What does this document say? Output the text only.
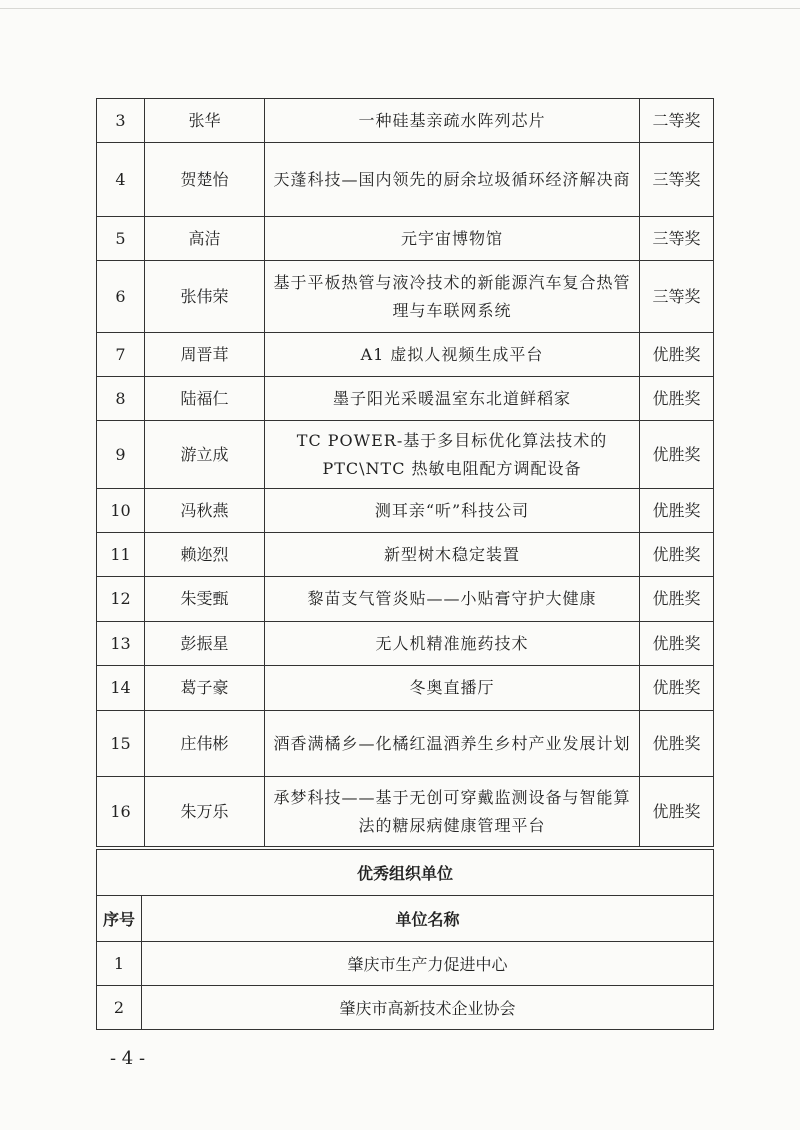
3	张华	一种硅基亲疏水阵列芯片	二等奖
4	贺楚怡	天蓬科技—国内领先的厨余垃圾循环经济解决商	三等奖
5	高洁	元宇宙博物馆	三等奖
6	张伟荣	基于平板热管与液冷技术的新能源汽车复合热管理与车联网系统	三等奖
7	周晋茸	A1 虚拟人视频生成平台	优胜奖
8	陆福仁	墨子阳光采暖温室东北道鲜稻家	优胜奖
9	游立成	TC POWER-基于多目标优化算法技术的PTC\NTC 热敏电阻配方调配设备	优胜奖
10	冯秋燕	测耳亲“听”科技公司	优胜奖
11	赖迩烈	新型树木稳定装置	优胜奖
12	朱雯甄	黎苗支气管炎贴——小贴膏守护大健康	优胜奖
13	彭振星	无人机精准施药技术	优胜奖
14	葛子豪	冬奥直播厅	优胜奖
15	庄伟彬	酒香满橘乡—化橘红温酒养生乡村产业发展计划	优胜奖
16	朱万乐	承梦科技——基于无创可穿戴监测设备与智能算法的糖尿病健康管理平台	优胜奖
优秀组织单位	
序号	单位名称
1	肇庆市生产力促进中心
2	肇庆市高新技术企业协会
- 4 -
